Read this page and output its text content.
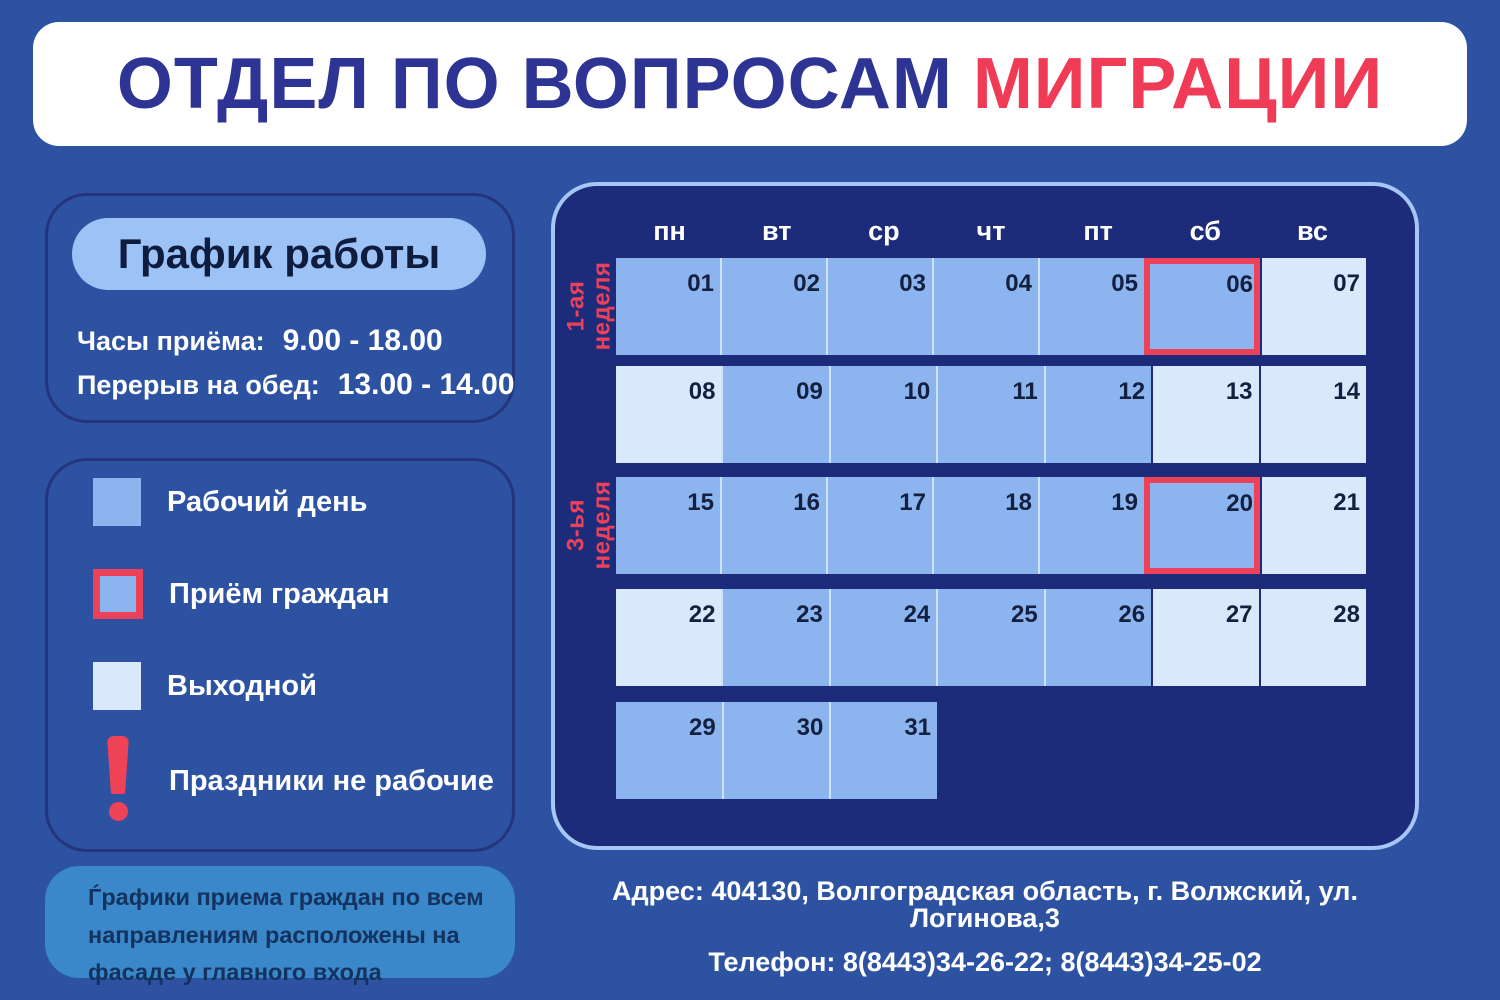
ОТДЕЛ ПО ВОПРОСАМ МИГРАЦИИ
График работы
Часы приёма: 9.00 - 18.00
Перерыв на обед: 13.00 - 14.00
Рабочий день
Приём граждан
Выходной
Праздники не рабочие
Ѓрафики приема граждан по всем направлениям расположены на фасаде у главного входа
пн	вт	ср	чт	пт	сб	вс
1-ая неделя
3-ья неделя
01	02	03	04	05	06	07
08	09	10	11	12	13	14
15	16	17	18	19	20	21
22	23	24	25	26	27	28
29	30	31
Адрес: 404130, Волгоградская область, г. Волжский, ул. Логинова,3
Телефон: 8(8443)34-26-22; 8(8443)34-25-02
